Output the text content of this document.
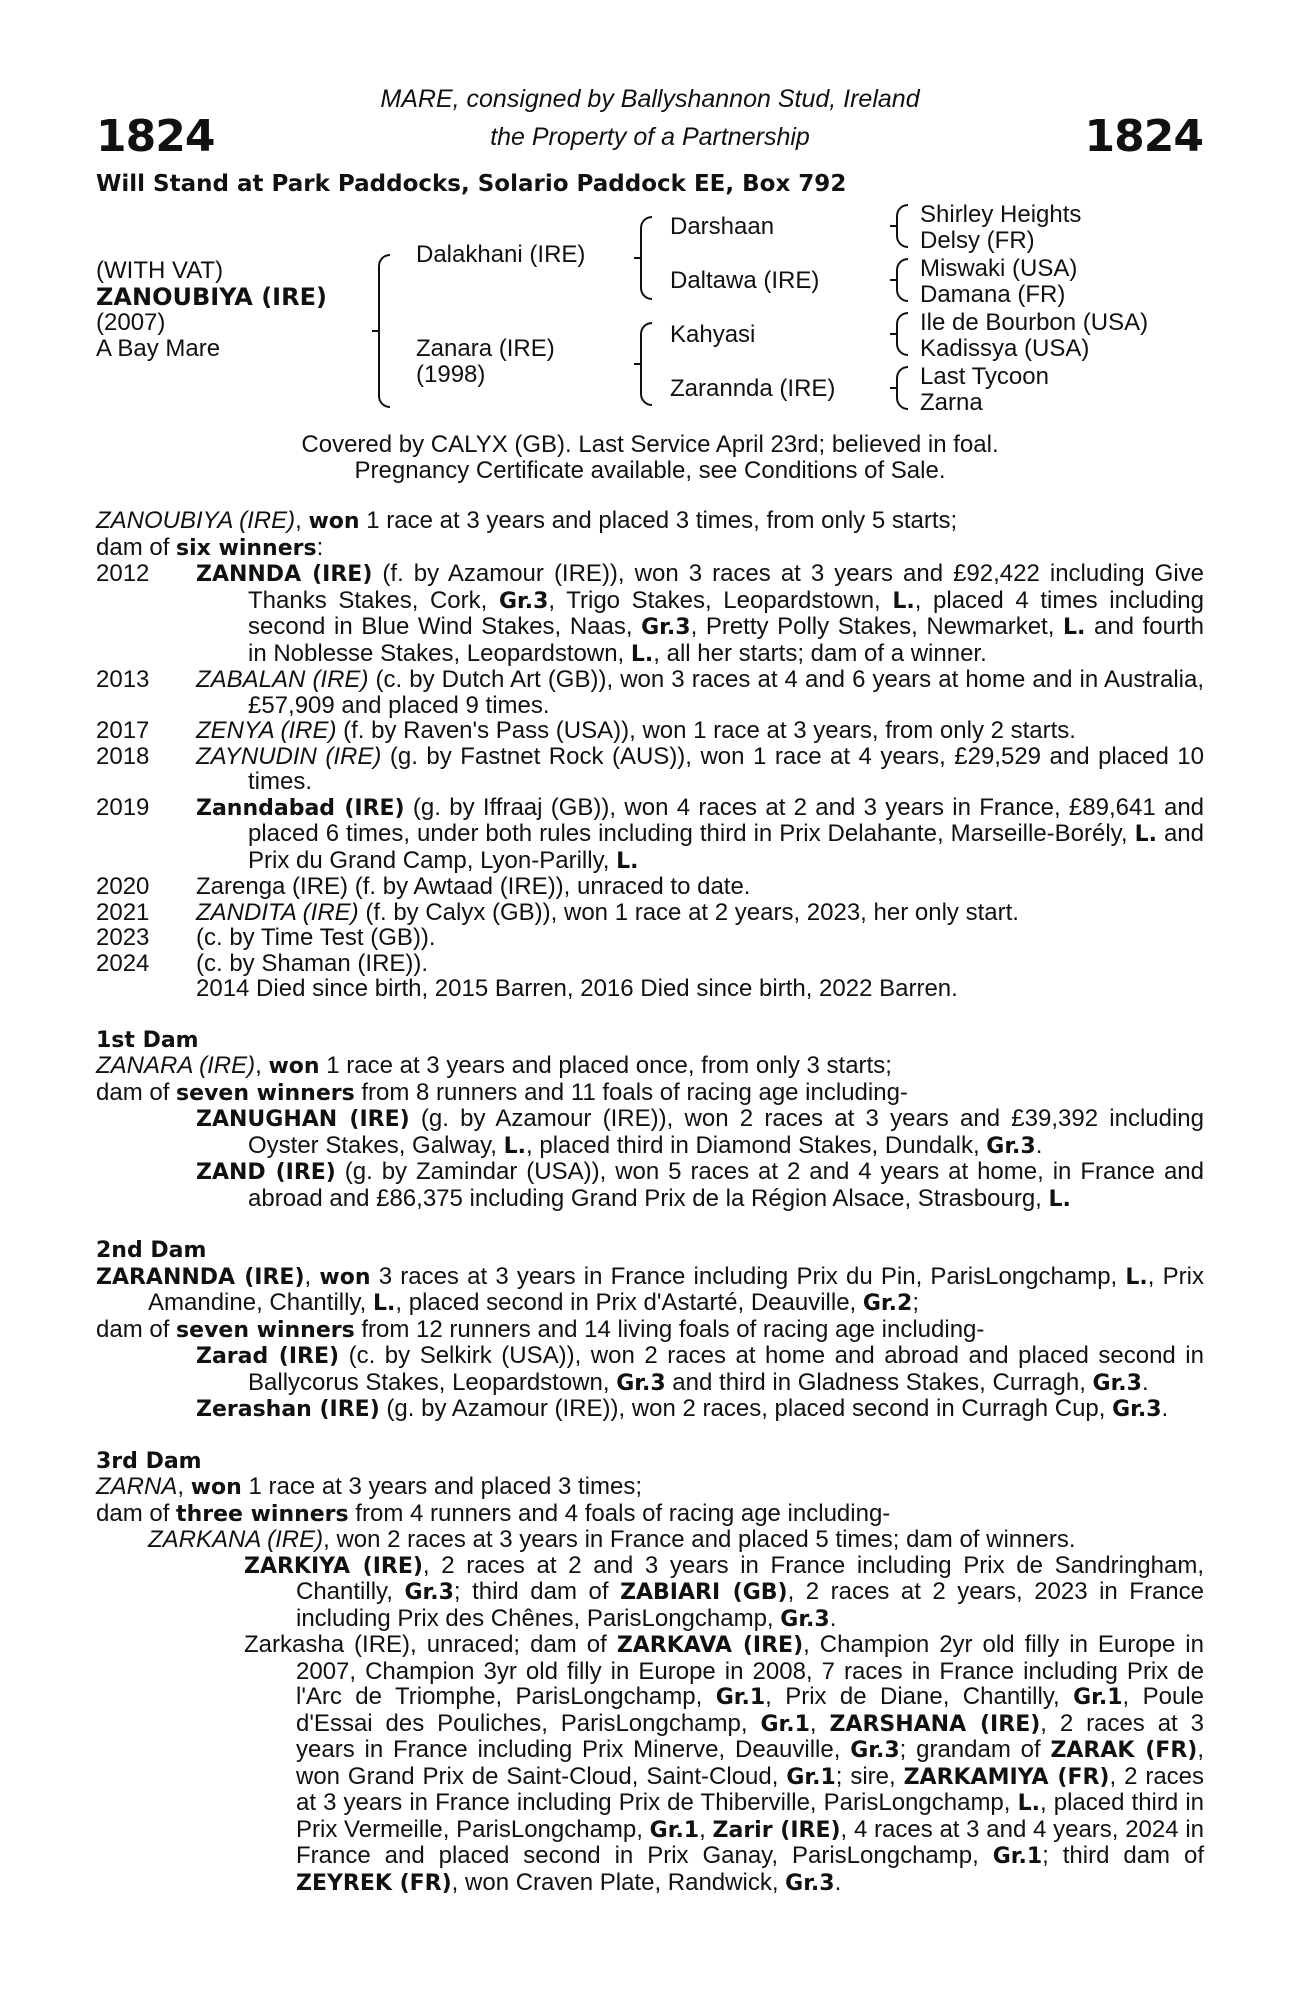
1824	1824
MARE, consigned by Ballyshannon Stud, Ireland
the Property of a Partnership
Will Stand at Park Paddocks, Solario Paddock EE, Box 792
(WITH VAT)
ZANOUBIYA (IRE)
(2007)
A Bay Mare
Dalakhani (IRE)
Zanara (IRE)
(1998)
Darshaan
Daltawa (IRE)
Kahyasi
Zarannda (IRE)
Shirley Heights
Delsy (FR)
Miswaki (USA)
Damana (FR)
Ile de Bourbon (USA)
Kadissya (USA)
Last Tycoon
Zarna
Covered by CALYX (GB). Last Service April 23rd; believed in foal.
Pregnancy Certificate available, see Conditions of Sale.

ZANOUBIYA (IRE), won 1 race at 3 years and placed 3 times, from only 5 starts;

dam of six winners:

2012	ZANNDA (IRE) (f. by Azamour (IRE)), won 3 races at 3 years and £92,422 including Give Thanks Stakes, Cork, Gr.3, Trigo Stakes, Leopardstown, L., placed 4 times including second in Blue Wind Stakes, Naas, Gr.3, Pretty Polly Stakes, Newmarket, L. and fourth in Noblesse Stakes, Leopardstown, L., all her starts; dam of a winner.
2013	ZABALAN (IRE) (c. by Dutch Art (GB)), won 3 races at 4 and 6 years at home and in Australia, £57,909 and placed 9 times.
2017	ZENYA (IRE) (f. by Raven's Pass (USA)), won 1 race at 3 years, from only 2 starts.
2018	ZAYNUDIN (IRE) (g. by Fastnet Rock (AUS)), won 1 race at 4 years, £29,529 and placed 10 times.
2019	Zanndabad (IRE) (g. by Iffraaj (GB)), won 4 races at 2 and 3 years in France, £89,641 and placed 6 times, under both rules including third in Prix Delahante, Marseille-Borély, L. and Prix du Grand Camp, Lyon-Parilly, L.
2020	Zarenga (IRE) (f. by Awtaad (IRE)), unraced to date.
2021	ZANDITA (IRE) (f. by Calyx (GB)), won 1 race at 2 years, 2023, her only start.
2023	(c. by Time Test (GB)).
2024	(c. by Shaman (IRE)).
2014 Died since birth, 2015 Barren, 2016 Died since birth, 2022 Barren.

1st Dam

ZANARA (IRE), won 1 race at 3 years and placed once, from only 3 starts;

dam of seven winners from 8 runners and 11 foals of racing age including-

ZANUGHAN (IRE) (g. by Azamour (IRE)), won 2 races at 3 years and £39,392 including Oyster Stakes, Galway, L., placed third in Diamond Stakes, Dundalk, Gr.3.

ZAND (IRE) (g. by Zamindar (USA)), won 5 races at 2 and 4 years at home, in France and abroad and £86,375 including Grand Prix de la Région Alsace, Strasbourg, L.

2nd Dam

ZARANNDA (IRE), won 3 races at 3 years in France including Prix du Pin, ParisLongchamp, L., Prix Amandine, Chantilly, L., placed second in Prix d'Astarté, Deauville, Gr.2;

dam of seven winners from 12 runners and 14 living foals of racing age including-

Zarad (IRE) (c. by Selkirk (USA)), won 2 races at home and abroad and placed second in Ballycorus Stakes, Leopardstown, Gr.3 and third in Gladness Stakes, Curragh, Gr.3.

Zerashan (IRE) (g. by Azamour (IRE)), won 2 races, placed second in Curragh Cup, Gr.3.

3rd Dam

ZARNA, won 1 race at 3 years and placed 3 times;

dam of three winners from 4 runners and 4 foals of racing age including-

ZARKANA (IRE), won 2 races at 3 years in France and placed 5 times; dam of winners.

ZARKIYA (IRE), 2 races at 2 and 3 years in France including Prix de Sandringham, Chantilly, Gr.3; third dam of ZABIARI (GB), 2 races at 2 years, 2023 in France including Prix des Chênes, ParisLongchamp, Gr.3.

Zarkasha (IRE), unraced; dam of ZARKAVA (IRE), Champion 2yr old filly in Europe in 2007, Champion 3yr old filly in Europe in 2008, 7 races in France including Prix de l'Arc de Triomphe, ParisLongchamp, Gr.1, Prix de Diane, Chantilly, Gr.1, Poule d'Essai des Pouliches, ParisLongchamp, Gr.1, ZARSHANA (IRE), 2 races at 3 years in France including Prix Minerve, Deauville, Gr.3; grandam of ZARAK (FR), won Grand Prix de Saint-Cloud, Saint-Cloud, Gr.1; sire, ZARKAMIYA (FR), 2 races at 3 years in France including Prix de Thiberville, ParisLongchamp, L., placed third in Prix Vermeille, ParisLongchamp, Gr.1, Zarir (IRE), 4 races at 3 and 4 years, 2024 in France and placed second in Prix Ganay, ParisLongchamp, Gr.1; third dam of ZEYREK (FR), won Craven Plate, Randwick, Gr.3.
